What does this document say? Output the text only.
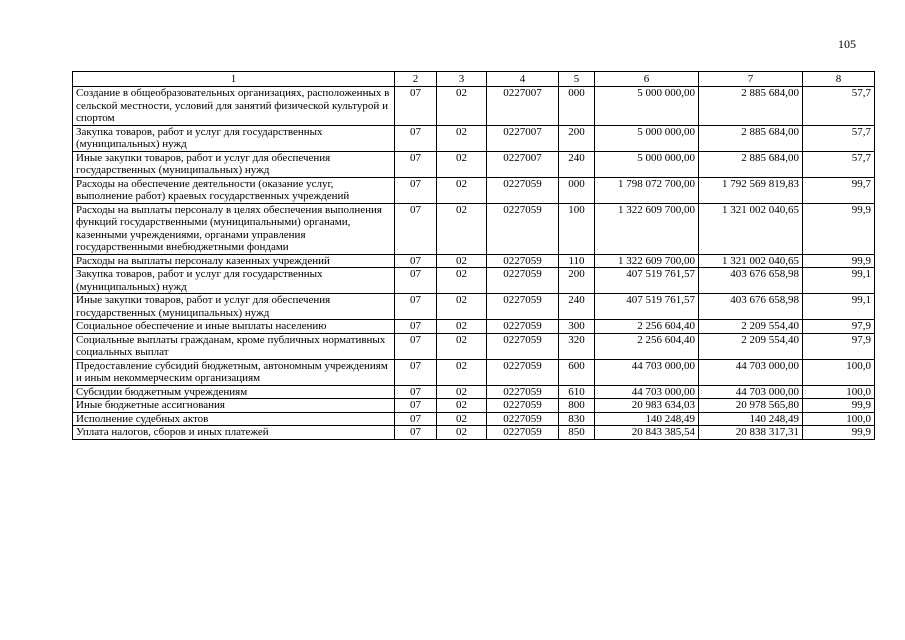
105
1	2	3	4	5	6	7	8
Создание в общеобразовательных организациях, расположенных в сельской местности, условий для занятий физической культурой и спортом	07	02	0227007	000	5 000 000,00	2 885 684,00	57,7
Закупка товаров, работ и услуг для государственных (муниципальных) нужд	07	02	0227007	200	5 000 000,00	2 885 684,00	57,7
Иные закупки товаров, работ и услуг для обеспечения государственных (муниципальных) нужд	07	02	0227007	240	5 000 000,00	2 885 684,00	57,7
Расходы на обеспечение деятельности (оказание услуг, выполнение работ) краевых государственных учреждений	07	02	0227059	000	1 798 072 700,00	1 792 569 819,83	99,7
Расходы на выплаты персоналу в целях обеспечения выполнения функций государственными (муниципальными) органами, казенными учреждениями, органами управления государственными внебюджетными фондами	07	02	0227059	100	1 322 609 700,00	1 321 002 040,65	99,9
Расходы на выплаты персоналу казенных учреждений	07	02	0227059	110	1 322 609 700,00	1 321 002 040,65	99,9
Закупка товаров, работ и услуг для государственных (муниципальных) нужд	07	02	0227059	200	407 519 761,57	403 676 658,98	99,1
Иные закупки товаров, работ и услуг для обеспечения государственных (муниципальных) нужд	07	02	0227059	240	407 519 761,57	403 676 658,98	99,1
Социальное обеспечение и иные выплаты населению	07	02	0227059	300	2 256 604,40	2 209 554,40	97,9
Социальные выплаты гражданам, кроме публичных нормативных социальных выплат	07	02	0227059	320	2 256 604,40	2 209 554,40	97,9
Предоставление субсидий бюджетным, автономным учреждениям и иным некоммерческим организациям	07	02	0227059	600	44 703 000,00	44 703 000,00	100,0
Субсидии бюджетным учреждениям	07	02	0227059	610	44 703 000,00	44 703 000,00	100,0
Иные бюджетные ассигнования	07	02	0227059	800	20 983 634,03	20 978 565,80	99,9
Исполнение судебных актов	07	02	0227059	830	140 248,49	140 248,49	100,0
Уплата налогов, сборов и иных платежей	07	02	0227059	850	20 843 385,54	20 838 317,31	99,9
